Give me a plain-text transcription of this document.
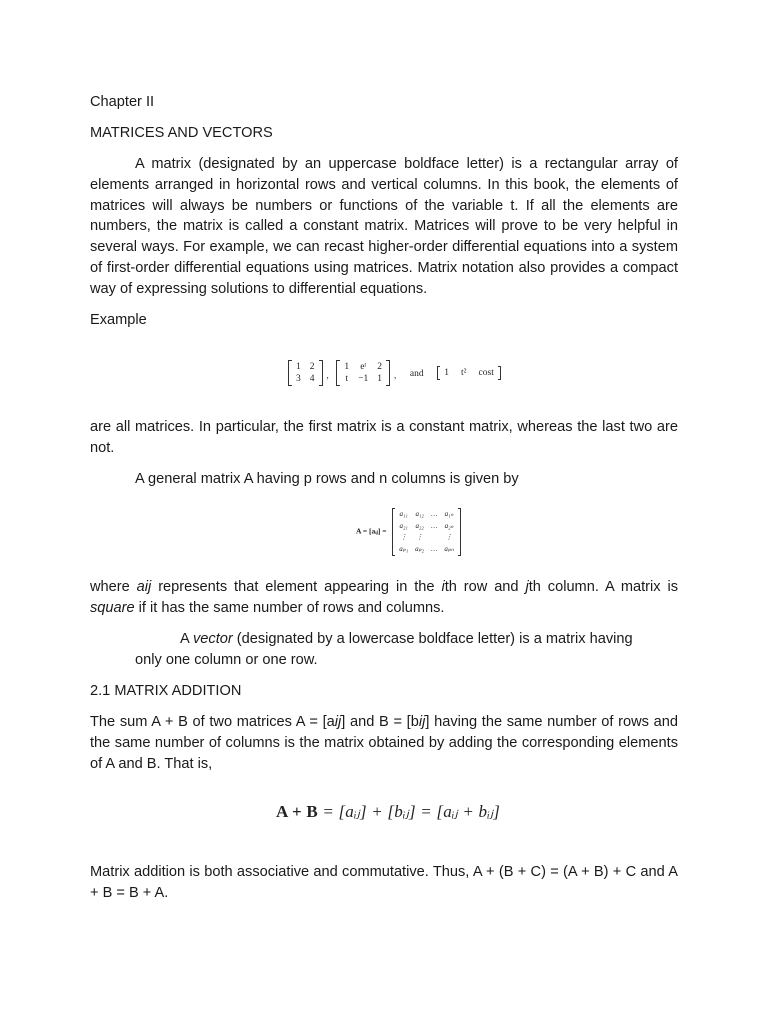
Chapter II

MATRICES AND VECTORS

A matrix (designated by an uppercase boldface letter) is a rectangular array of elements arranged in horizontal rows and vertical columns. In this book, the elements of matrices will always be numbers or functions of the variable t. If all the elements are numbers, the matrix is called a constant matrix. Matrices will prove to be very helpful in several ways. For example, we can recast higher-order differential equations into a system of first-order differential equations using matrices. Matrix notation also provides a compact way of expressing solutions to differential equations.

Example

1 2
3 4 ,
1 eᵗ 2
t −1 1 , and 1 t² cost

are all matrices. In particular, the first matrix is a constant matrix, whereas the last two are not.

A general matrix A having p rows and n columns is given by

A = [aᵢⱼ] =
a₁₁ a₁₂ … a₁ₙ
a₂₁ a₂₂ … a₂ₙ
⋮ ⋮	⋮
aₚ₁ aₚ₂ … aₚₙ

where aij represents that element appearing in the ith row and jth column. A matrix is square if it has the same number of rows and columns.

A vector (designated by a lowercase boldface letter) is a matrix having
only one column or one row.

2.1 MATRIX ADDITION

The sum A + B of two matrices A = [aij] and B = [bij] having the same number of rows and the same number of columns is the matrix obtained by adding the corresponding elements of A and B. That is,

A + B = [aᵢⱼ] + [bᵢⱼ] = [aᵢⱼ + bᵢⱼ]

Matrix addition is both associative and commutative. Thus, A + (B + C) = (A + B) + C and A + B = B + A.
